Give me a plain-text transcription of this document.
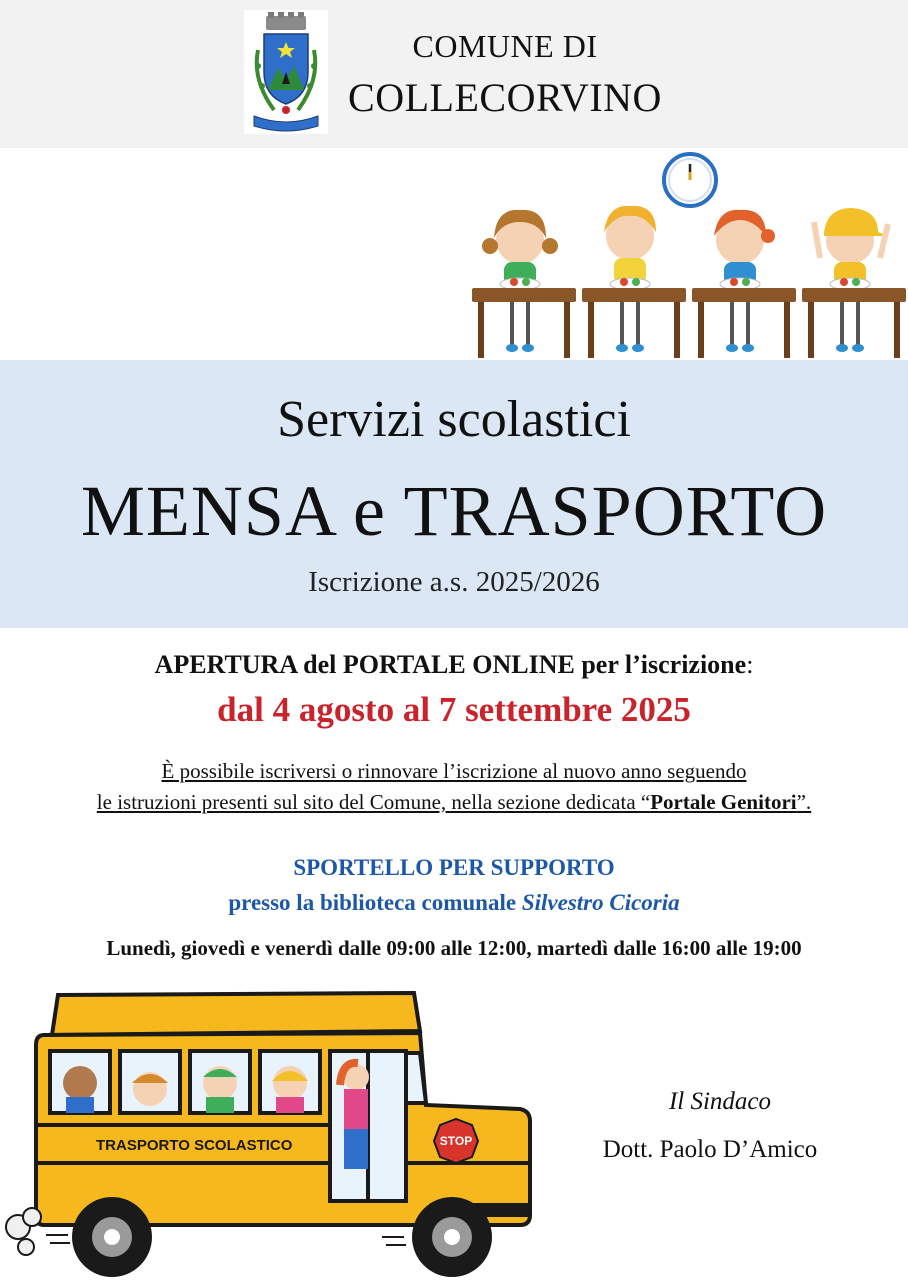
COMUNE DI
COLLECORVINO
Servizi scolastici
MENSA e TRASPORTO
Iscrizione a.s. 2025/2026
APERTURA del PORTALE ONLINE per l’iscrizione:
dal 4 agosto al 7 settembre 2025
È possibile iscriversi o rinnovare l’iscrizione al nuovo anno seguendo
le istruzioni presenti sul sito del Comune, nella sezione dedicata “Portale Genitori”.
SPORTELLO PER SUPPORTO
presso la biblioteca comunale Silvestro Cicoria
Lunedì, giovedì e venerdì dalle 09:00 alle 12:00, martedì dalle 16:00 alle 19:00
TRASPORTO SCOLASTICO	STOP
Il Sindaco
Dott. Paolo D’Amico
